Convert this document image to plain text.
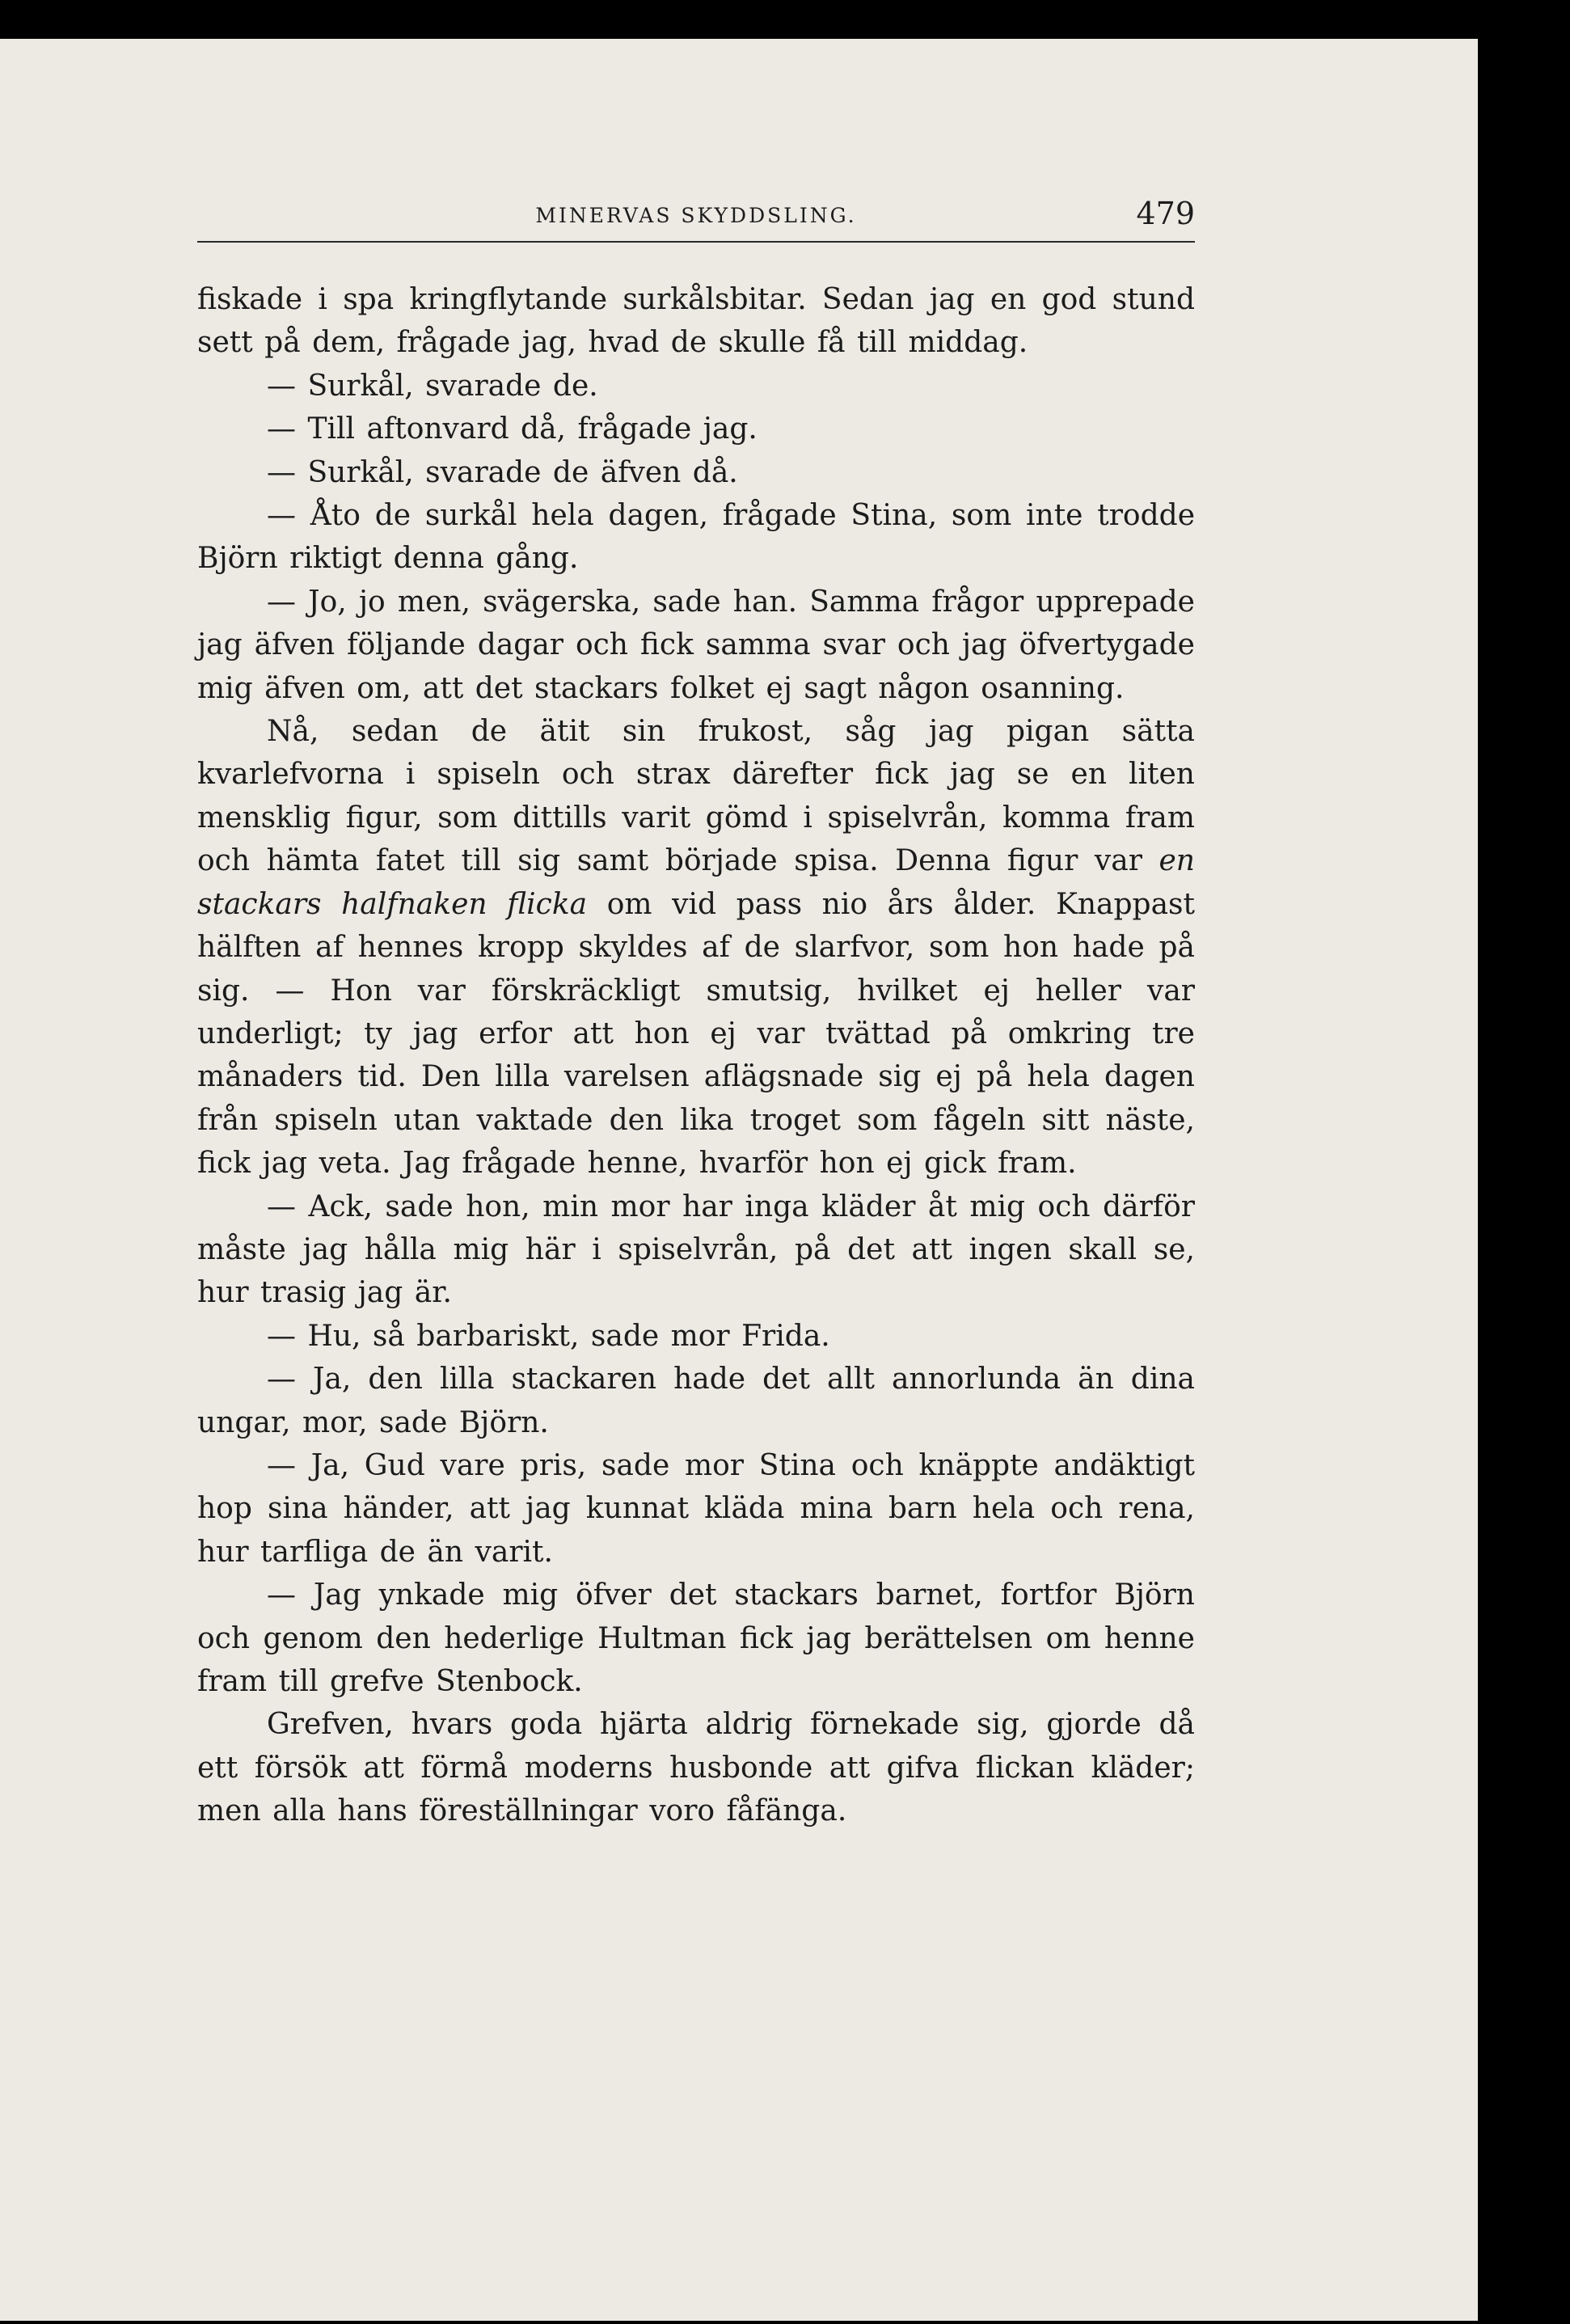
MINERVAS SKYDDSLING.	479

fiskade i spa kringflytande surkålsbitar. Sedan jag en god stund sett på dem, frågade jag, hvad de skulle få till middag.

— Surkål, svarade de.

— Till aftonvard då, frågade jag.

— Surkål, svarade de äfven då.

— Åto de surkål hela dagen, frågade Stina, som inte trodde Björn riktigt denna gång.

— Jo, jo men, svägerska, sade han. Samma frågor upprepade jag äfven följande dagar och fick samma svar och jag öfvertygade mig äfven om, att det stackars folket ej sagt någon osanning.

Nå, sedan de ätit sin frukost, såg jag pigan sätta kvarlefvorna i spiseln och strax därefter fick jag se en liten mensklig figur, som dittills varit gömd i spiselvrån, komma fram och hämta fatet till sig samt började spisa. Denna figur var en stackars halfnaken flicka om vid pass nio års ålder. Knappast hälften af hennes kropp skyldes af de slarfvor, som hon hade på sig. — Hon var förskräckligt smutsig, hvilket ej heller var underligt; ty jag erfor att hon ej var tvättad på omkring tre månaders tid. Den lilla varelsen aflägsnade sig ej på hela dagen från spiseln utan vaktade den lika troget som fågeln sitt näste, fick jag veta. Jag frågade henne, hvarför hon ej gick fram.

— Ack, sade hon, min mor har inga kläder åt mig och därför måste jag hålla mig här i spiselvrån, på det att ingen skall se, hur trasig jag är.

— Hu, så barbariskt, sade mor Frida.

— Ja, den lilla stackaren hade det allt annorlunda än dina ungar, mor, sade Björn.

— Ja, Gud vare pris, sade mor Stina och knäppte andäktigt hop sina händer, att jag kunnat kläda mina barn hela och rena, hur tarfliga de än varit.

— Jag ynkade mig öfver det stackars barnet, fortfor Björn och genom den hederlige Hultman fick jag berättelsen om henne fram till grefve Stenbock.

Grefven, hvars goda hjärta aldrig förnekade sig, gjorde då ett försök att förmå moderns husbonde att gifva flickan kläder; men alla hans föreställningar voro fåfänga.
